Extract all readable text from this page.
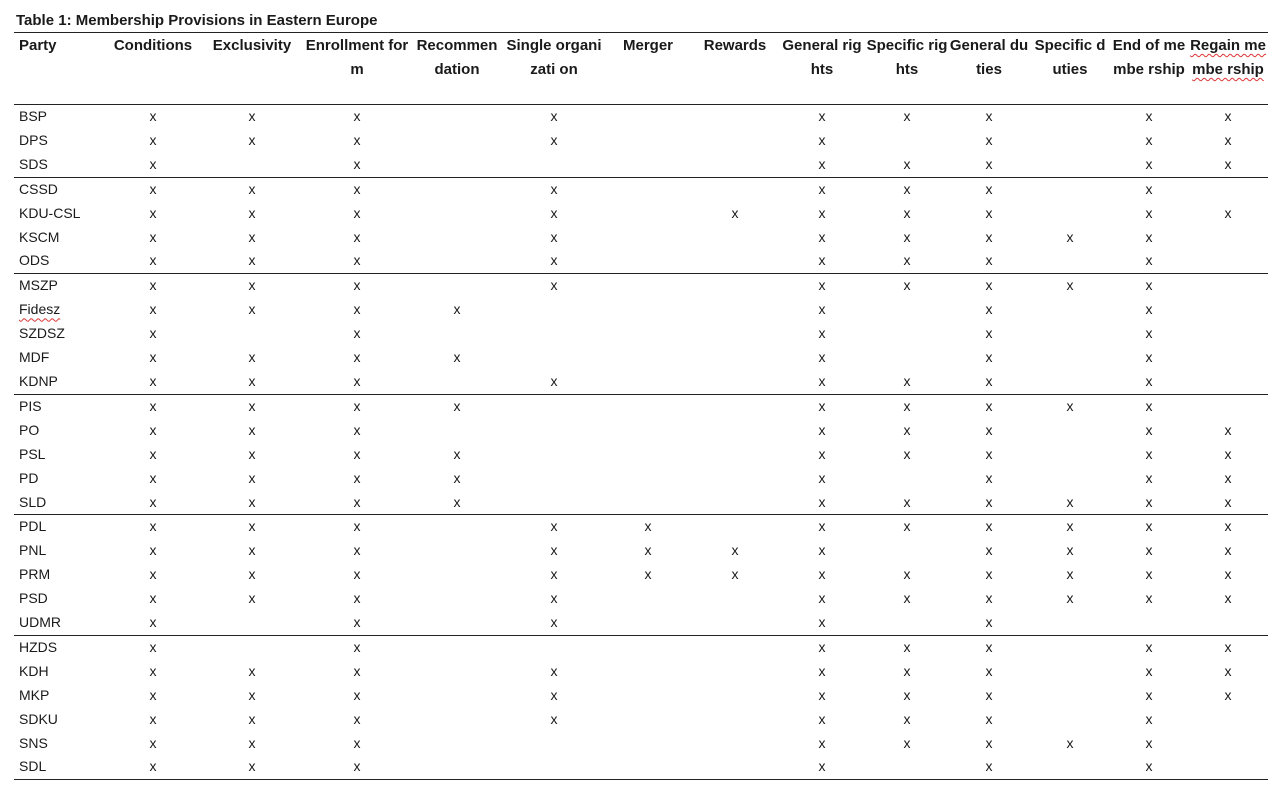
Table 1: Membership Provisions in Eastern Europe
Party	Conditions	Exclusivity	Enrollment form	Recommen dation	Single organizati on	Merger	Rewards	General rights	Specific rights	General duties	Specific duties	End of membe rship	Regain membe rship
BSP	x	x	x		x			x	x	x		x	x
DPS	x	x	x		x			x		x		x	x
SDS	x		x					x	x	x		x	x
CSSD	x	x	x		x			x	x	x		x	
KDU-CSL	x	x	x		x		x	x	x	x		x	x
KSCM	x	x	x		x			x	x	x	x	x	
ODS	x	x	x		x			x	x	x		x	
MSZP	x	x	x		x			x	x	x	x	x	
Fidesz	x	x	x	x				x		x		x	
SZDSZ	x		x					x		x		x	
MDF	x	x	x	x				x		x		x	
KDNP	x	x	x		x			x	x	x		x	
PIS	x	x	x	x				x	x	x	x	x	
PO	x	x	x					x	x	x		x	x
PSL	x	x	x	x				x	x	x		x	x
PD	x	x	x	x				x		x		x	x
SLD	x	x	x	x				x	x	x	x	x	x
PDL	x	x	x		x	x		x	x	x	x	x	x
PNL	x	x	x		x	x	x	x		x	x	x	x
PRM	x	x	x		x	x	x	x	x	x	x	x	x
PSD	x	x	x		x			x	x	x	x	x	x
UDMR	x		x		x			x		x			
HZDS	x		x					x	x	x		x	x
KDH	x	x	x		x			x	x	x		x	x
MKP	x	x	x		x			x	x	x		x	x
SDKU	x	x	x		x			x	x	x		x	
SNS	x	x	x					x	x	x	x	x	
SDL	x	x	x					x		x		x	
